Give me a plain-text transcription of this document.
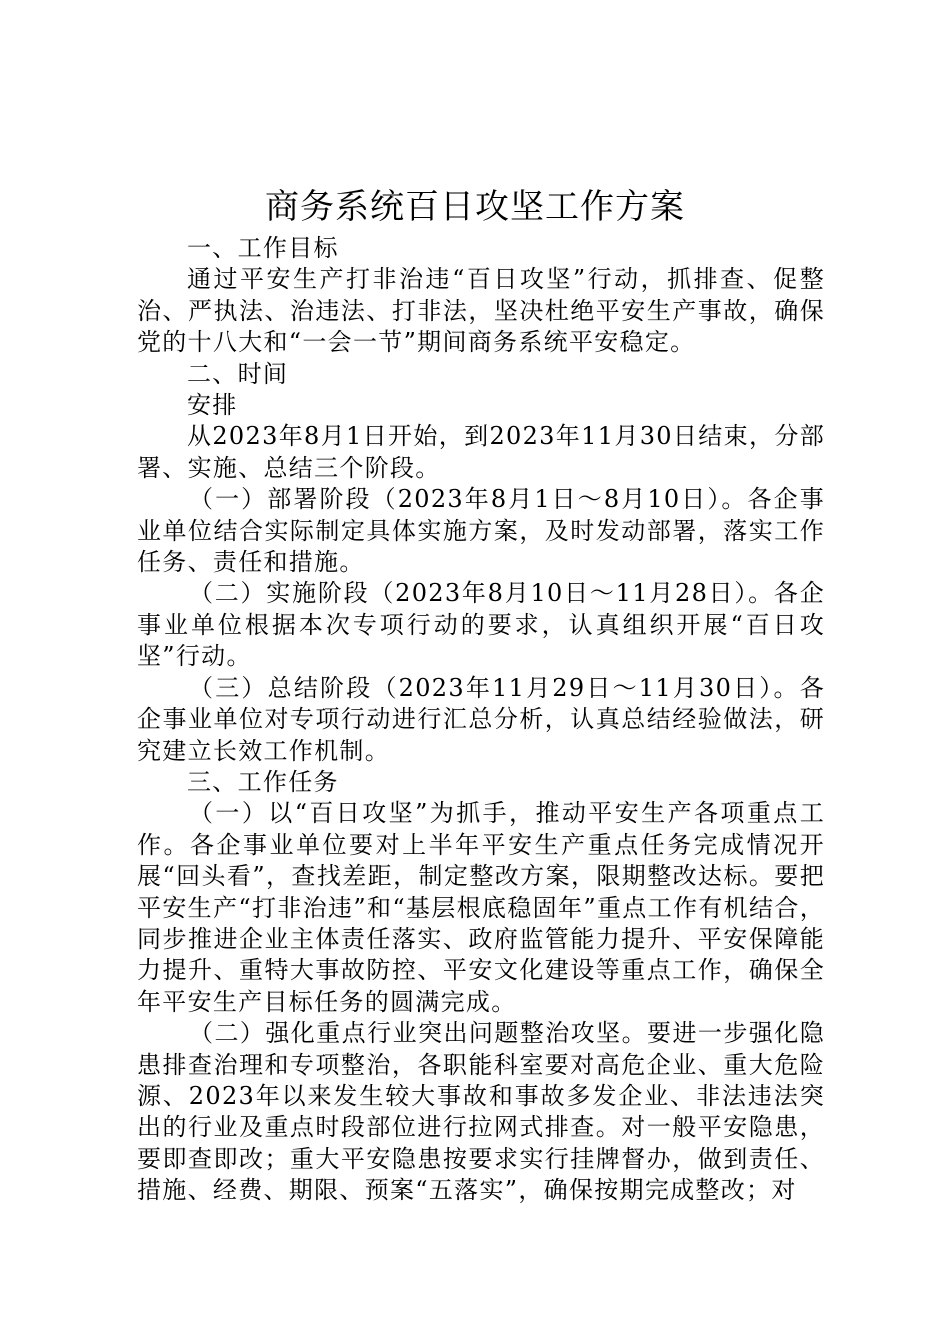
商务系统百日攻坚工作方案

一、工作目标

通过平安生产打非治违“百日攻坚”行动，抓排查、促整治、严执法、治违法、打非法，坚决杜绝平安生产事故，确保党的十八大和“一会一节”期间商务系统平安稳定。

二、时间

安排

从2023年8月1日开始，到2023年11月30日结束，分部署、实施、总结三个阶段。

（一）部署阶段（2023年8月1日～8月10日）。各企事业单位结合实际制定具体实施方案，及时发动部署，落实工作任务、责任和措施。

（二）实施阶段（2023年8月10日～11月28日）。各企事业单位根据本次专项行动的要求，认真组织开展“百日攻坚”行动。

（三）总结阶段（2023年11月29日～11月30日）。各企事业单位对专项行动进行汇总分析，认真总结经验做法，研究建立长效工作机制。

三、工作任务

（一）以“百日攻坚”为抓手，推动平安生产各项重点工作。各企事业单位要对上半年平安生产重点任务完成情况开展“回头看”，查找差距，制定整改方案，限期整改达标。要把平安生产“打非治违”和“基层根底稳固年”重点工作有机结合，同步推进企业主体责任落实、政府监管能力提升、平安保障能力提升、重特大事故防控、平安文化建设等重点工作，确保全年平安生产目标任务的圆满完成。

（二）强化重点行业突出问题整治攻坚。要进一步强化隐患排查治理和专项整治，各职能科室要对高危企业、重大危险源、2023年以来发生较大事故和事故多发企业、非法违法突出的行业及重点时段部位进行拉网式排查。对一般平安隐患，要即查即改；重大平安隐患按要求实行挂牌督办，做到责任、措施、经费、期限、预案“五落实”，确保按期完成整改；对
